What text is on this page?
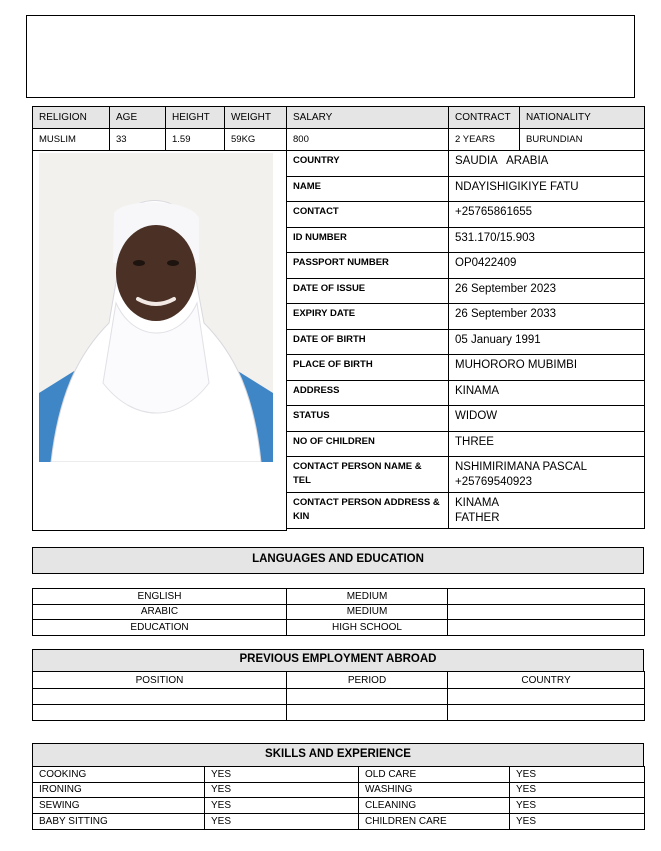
RELIGION	AGE	HEIGHT	WEIGHT	SALARY	CONTRACT	NATIONALITY
MUSLIM	33	1.59	59KG	800	2 YEARS	BURUNDIAN
COUNTRY	SAUDIA   ARABIA
NAME	NDAYISHIGIKIYE FATU
CONTACT	+25765861655
ID NUMBER	531.170/15.903
PASSPORT NUMBER	OP0422409
DATE OF ISSUE	26 September 2023
EXPIRY DATE	26 September 2033
DATE OF BIRTH	05 January 1991
PLACE OF BIRTH	MUHORORO MUBIMBI
ADDRESS	KINAMA
STATUS	WIDOW
NO OF CHILDREN	THREE
CONTACT PERSON NAME & TEL	NSHIMIRIMANA PASCAL
+25769540923

CONTACT PERSON ADDRESS & KIN	KINAMA
FATHER
LANGUAGES AND EDUCATION
ENGLISH	MEDIUM	
ARABIC	MEDIUM	
EDUCATION	HIGH SCHOOL	
PREVIOUS EMPLOYMENT ABROAD
POSITION	PERIOD	COUNTRY

SKILLS AND EXPERIENCE
COOKING	YES	OLD CARE	YES
IRONING	YES	WASHING	YES
SEWING	YES	CLEANING	YES
BABY SITTING	YES	CHILDREN CARE	YES
